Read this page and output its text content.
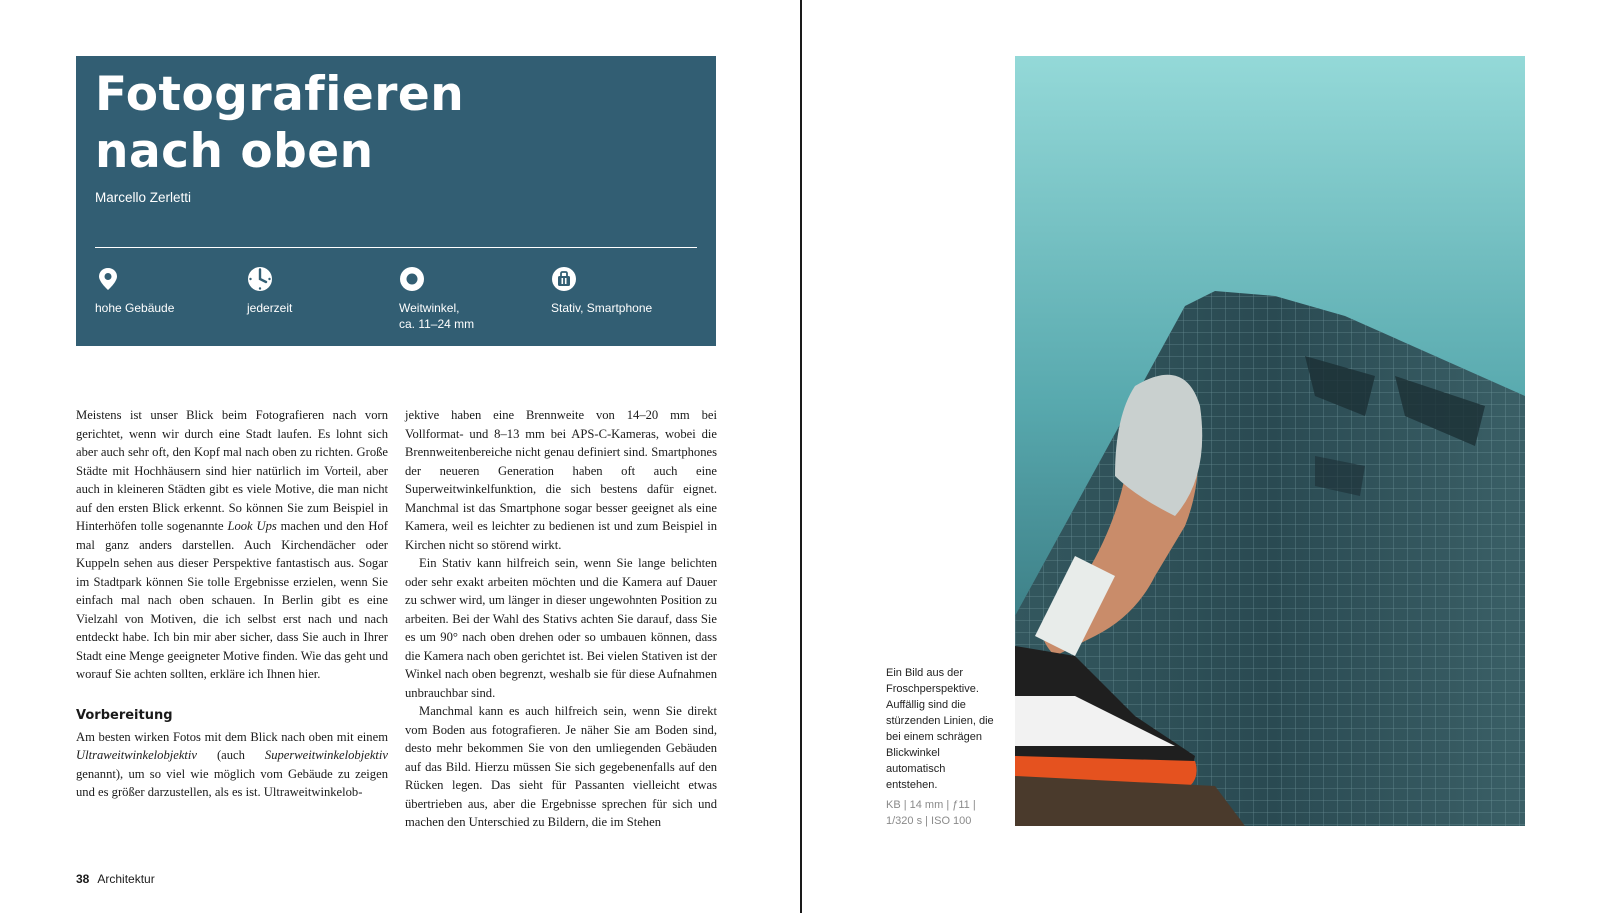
Fotografieren
nach oben
Marcello Zerletti
hohe Gebäude	jederzeit	Weitwinkel,
ca. 11–24 mm
Stativ, Smartphone

Meistens ist unser Blick beim Fotografieren nach vorn gerichtet, wenn wir durch eine Stadt laufen. Es lohnt sich aber auch sehr oft, den Kopf mal nach oben zu richten. Große Städte mit Hochhäusern sind hier natürlich im Vorteil, aber auch in kleineren Städten gibt es viele Motive, die man nicht auf den ersten Blick erkennt. So können Sie zum Beispiel in Hinterhöfen tolle sogenannte Look Ups machen und den Hof mal ganz anders darstellen. Auch Kirchendächer oder Kuppeln sehen aus dieser Perspektive fantastisch aus. Sogar im Stadtpark können Sie tolle Ergebnisse erzielen, wenn Sie einfach mal nach oben schauen. In Berlin gibt es eine Vielzahl von Motiven, die ich selbst erst nach und nach entdeckt habe. Ich bin mir aber sicher, dass Sie auch in Ihrer Stadt eine Menge geeigneter Motive finden. Wie das geht und worauf Sie achten sollten, erkläre ich Ihnen hier.

Vorbereitung

Am besten wirken Fotos mit dem Blick nach oben mit einem Ultraweitwinkelobjektiv (auch Superweitwinkelobjektiv genannt), um so viel wie möglich vom Gebäude zu zeigen und es größer darzustellen, als es ist. Ultraweitwinkelob-

jektive haben eine Brennweite von 14–20 mm bei Vollformat- und 8–13 mm bei APS-C-Kameras, wobei die Brennweitenbereiche nicht genau definiert sind. Smartphones der neueren Generation haben oft auch eine Superweitwinkelfunktion, die sich bestens dafür eignet. Manchmal ist das Smartphone sogar besser geeignet als eine Kamera, weil es leichter zu bedienen ist und zum Beispiel in Kirchen nicht so störend wirkt.

Ein Stativ kann hilfreich sein, wenn Sie lange belichten oder sehr exakt arbeiten möchten und die Kamera auf Dauer zu schwer wird, um länger in dieser ungewohnten Position zu arbeiten. Bei der Wahl des Stativs achten Sie darauf, dass Sie es um 90° nach oben drehen oder so umbauen können, dass die Kamera nach oben gerichtet ist. Bei vielen Stativen ist der Winkel nach oben begrenzt, weshalb sie für diese Aufnahmen unbrauchbar sind.

Manchmal kann es auch hilfreich sein, wenn Sie direkt vom Boden aus fotografieren. Je näher Sie am Boden sind, desto mehr bekommen Sie von den umliegenden Gebäuden auf das Bild. Hierzu müssen Sie sich gegebenenfalls auf den Rücken legen. Das sieht für Passanten vielleicht etwas übertrieben aus, aber die Ergebnisse sprechen für sich und machen den Unterschied zu Bildern, die im Stehen

38 Architektur
Ein Bild aus der Froschperspektive. Auffällig sind die stürzenden Linien, die bei einem schrägen Blickwinkel automatisch entstehen.
KB | 14 mm | ƒ11 | 1/320 s | ISO 100
